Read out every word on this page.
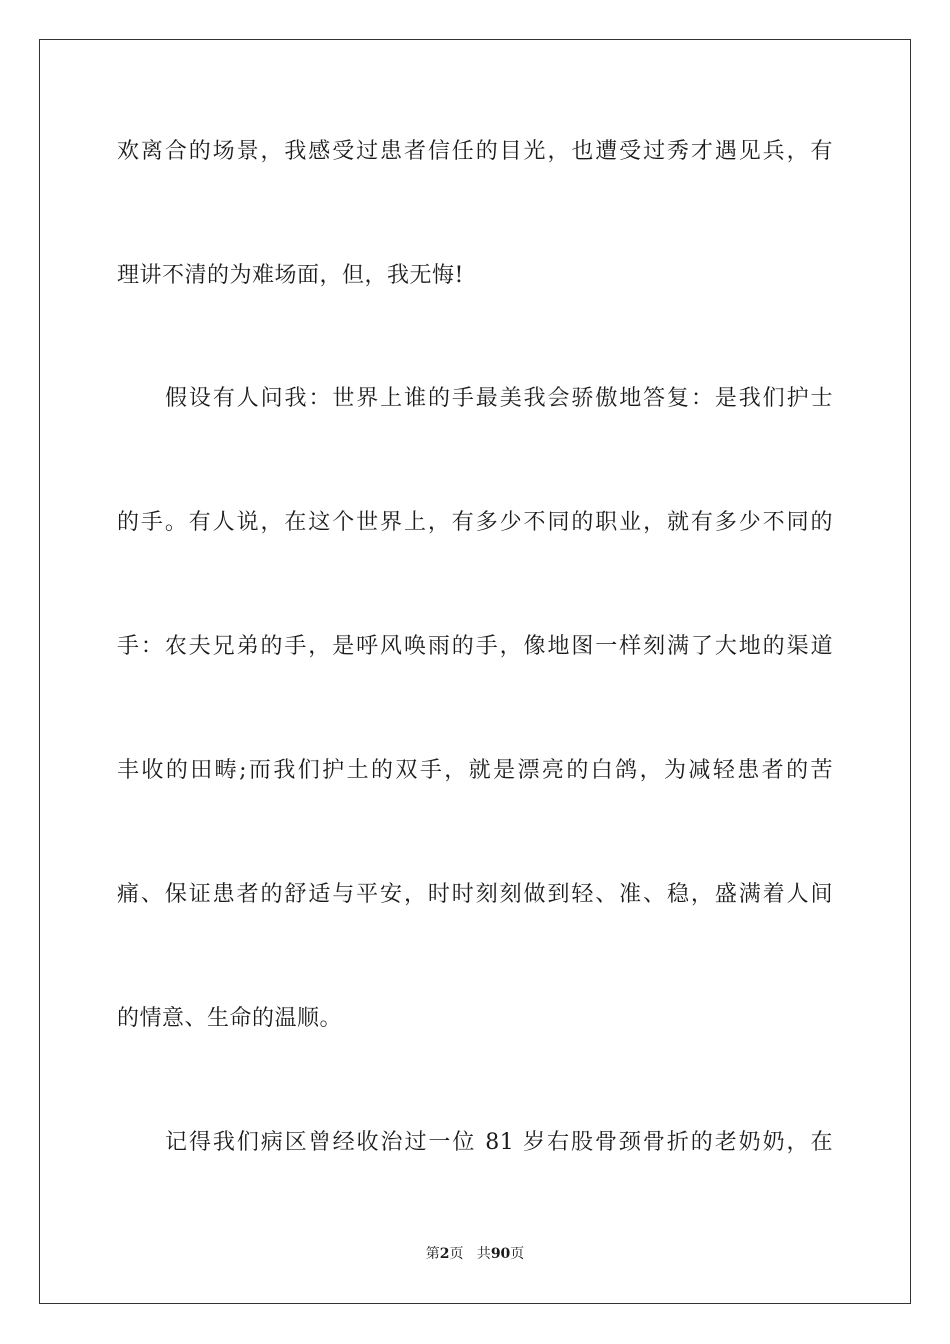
欢离合的场景，我感受过患者信任的目光，也遭受过秀才遇见兵，有
理讲不清的为难场面，但，我无悔!
假设有人问我：世界上谁的手最美我会骄傲地答复：是我们护士
的手。有人说，在这个世界上，有多少不同的职业，就有多少不同的
手：农夫兄弟的手，是呼风唤雨的手，像地图一样刻满了大地的渠道
丰收的田畴;而我们护土的双手，就是漂亮的白鸽，为减轻患者的苦
痛、保证患者的舒适与平安，时时刻刻做到轻、准、稳，盛满着人间
的情意、生命的温顺。
记得我们病区曾经收治过一位 81 岁右股骨颈骨折的老奶奶，在
第2页 共90页
